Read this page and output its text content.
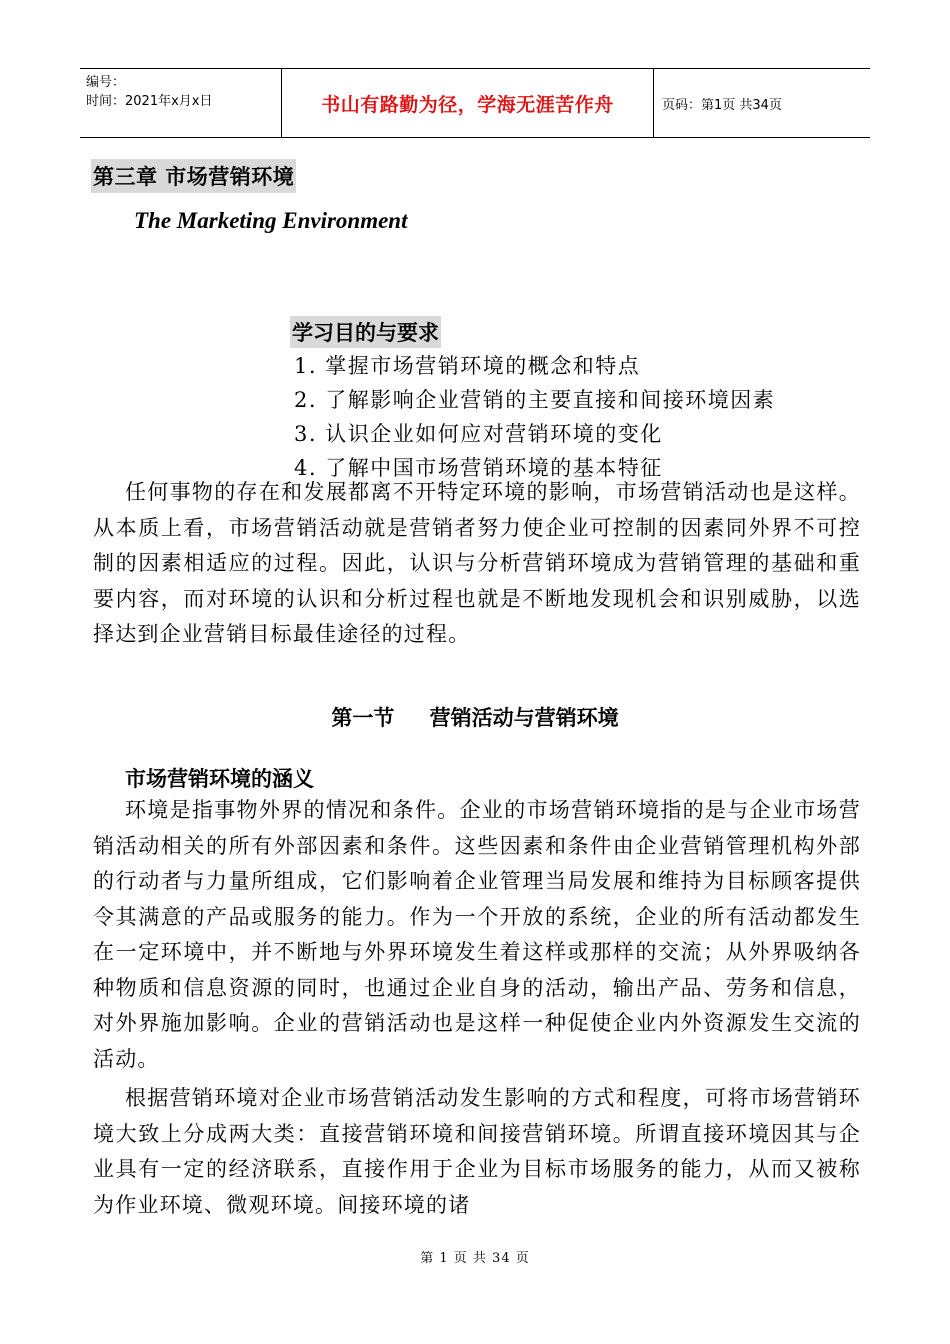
编号：
时间：2021年x月x日	书山有路勤为径，学海无涯苦作舟	页码：第1页 共34页
第三章 市场营销环境
The Marketing Environment
学习目的与要求
1. 掌握市场营销环境的概念和特点
2. 了解影响企业营销的主要直接和间接环境因素
3. 认识企业如何应对营销环境的变化
4. 了解中国市场营销环境的基本特征

任何事物的存在和发展都离不开特定环境的影响，市场营销活动也是这样。从本质上看，市场营销活动就是营销者努力使企业可控制的因素同外界不可控制的因素相适应的过程。因此，认识与分析营销环境成为营销管理的基础和重要内容，而对环境的认识和分析过程也就是不断地发现机会和识别威胁，以选择达到企业营销目标最佳途径的过程。

第一节 营销活动与营销环境
市场营销环境的涵义

环境是指事物外界的情况和条件。企业的市场营销环境指的是与企业市场营销活动相关的所有外部因素和条件。这些因素和条件由企业营销管理机构外部的行动者与力量所组成，它们影响着企业管理当局发展和维持为目标顾客提供令其满意的产品或服务的能力。作为一个开放的系统，企业的所有活动都发生在一定环境中，并不断地与外界环境发生着这样或那样的交流；从外界吸纳各种物质和信息资源的同时，也通过企业自身的活动，输出产品、劳务和信息，对外界施加影响。企业的营销活动也是这样一种促使企业内外资源发生交流的活动。

根据营销环境对企业市场营销活动发生影响的方式和程度，可将市场营销环境大致上分成两大类：直接营销环境和间接营销环境。所谓直接环境因其与企业具有一定的经济联系，直接作用于企业为目标市场服务的能力，从而又被称为作业环境、微观环境。间接环境的诸

第 1 页 共 34 页
